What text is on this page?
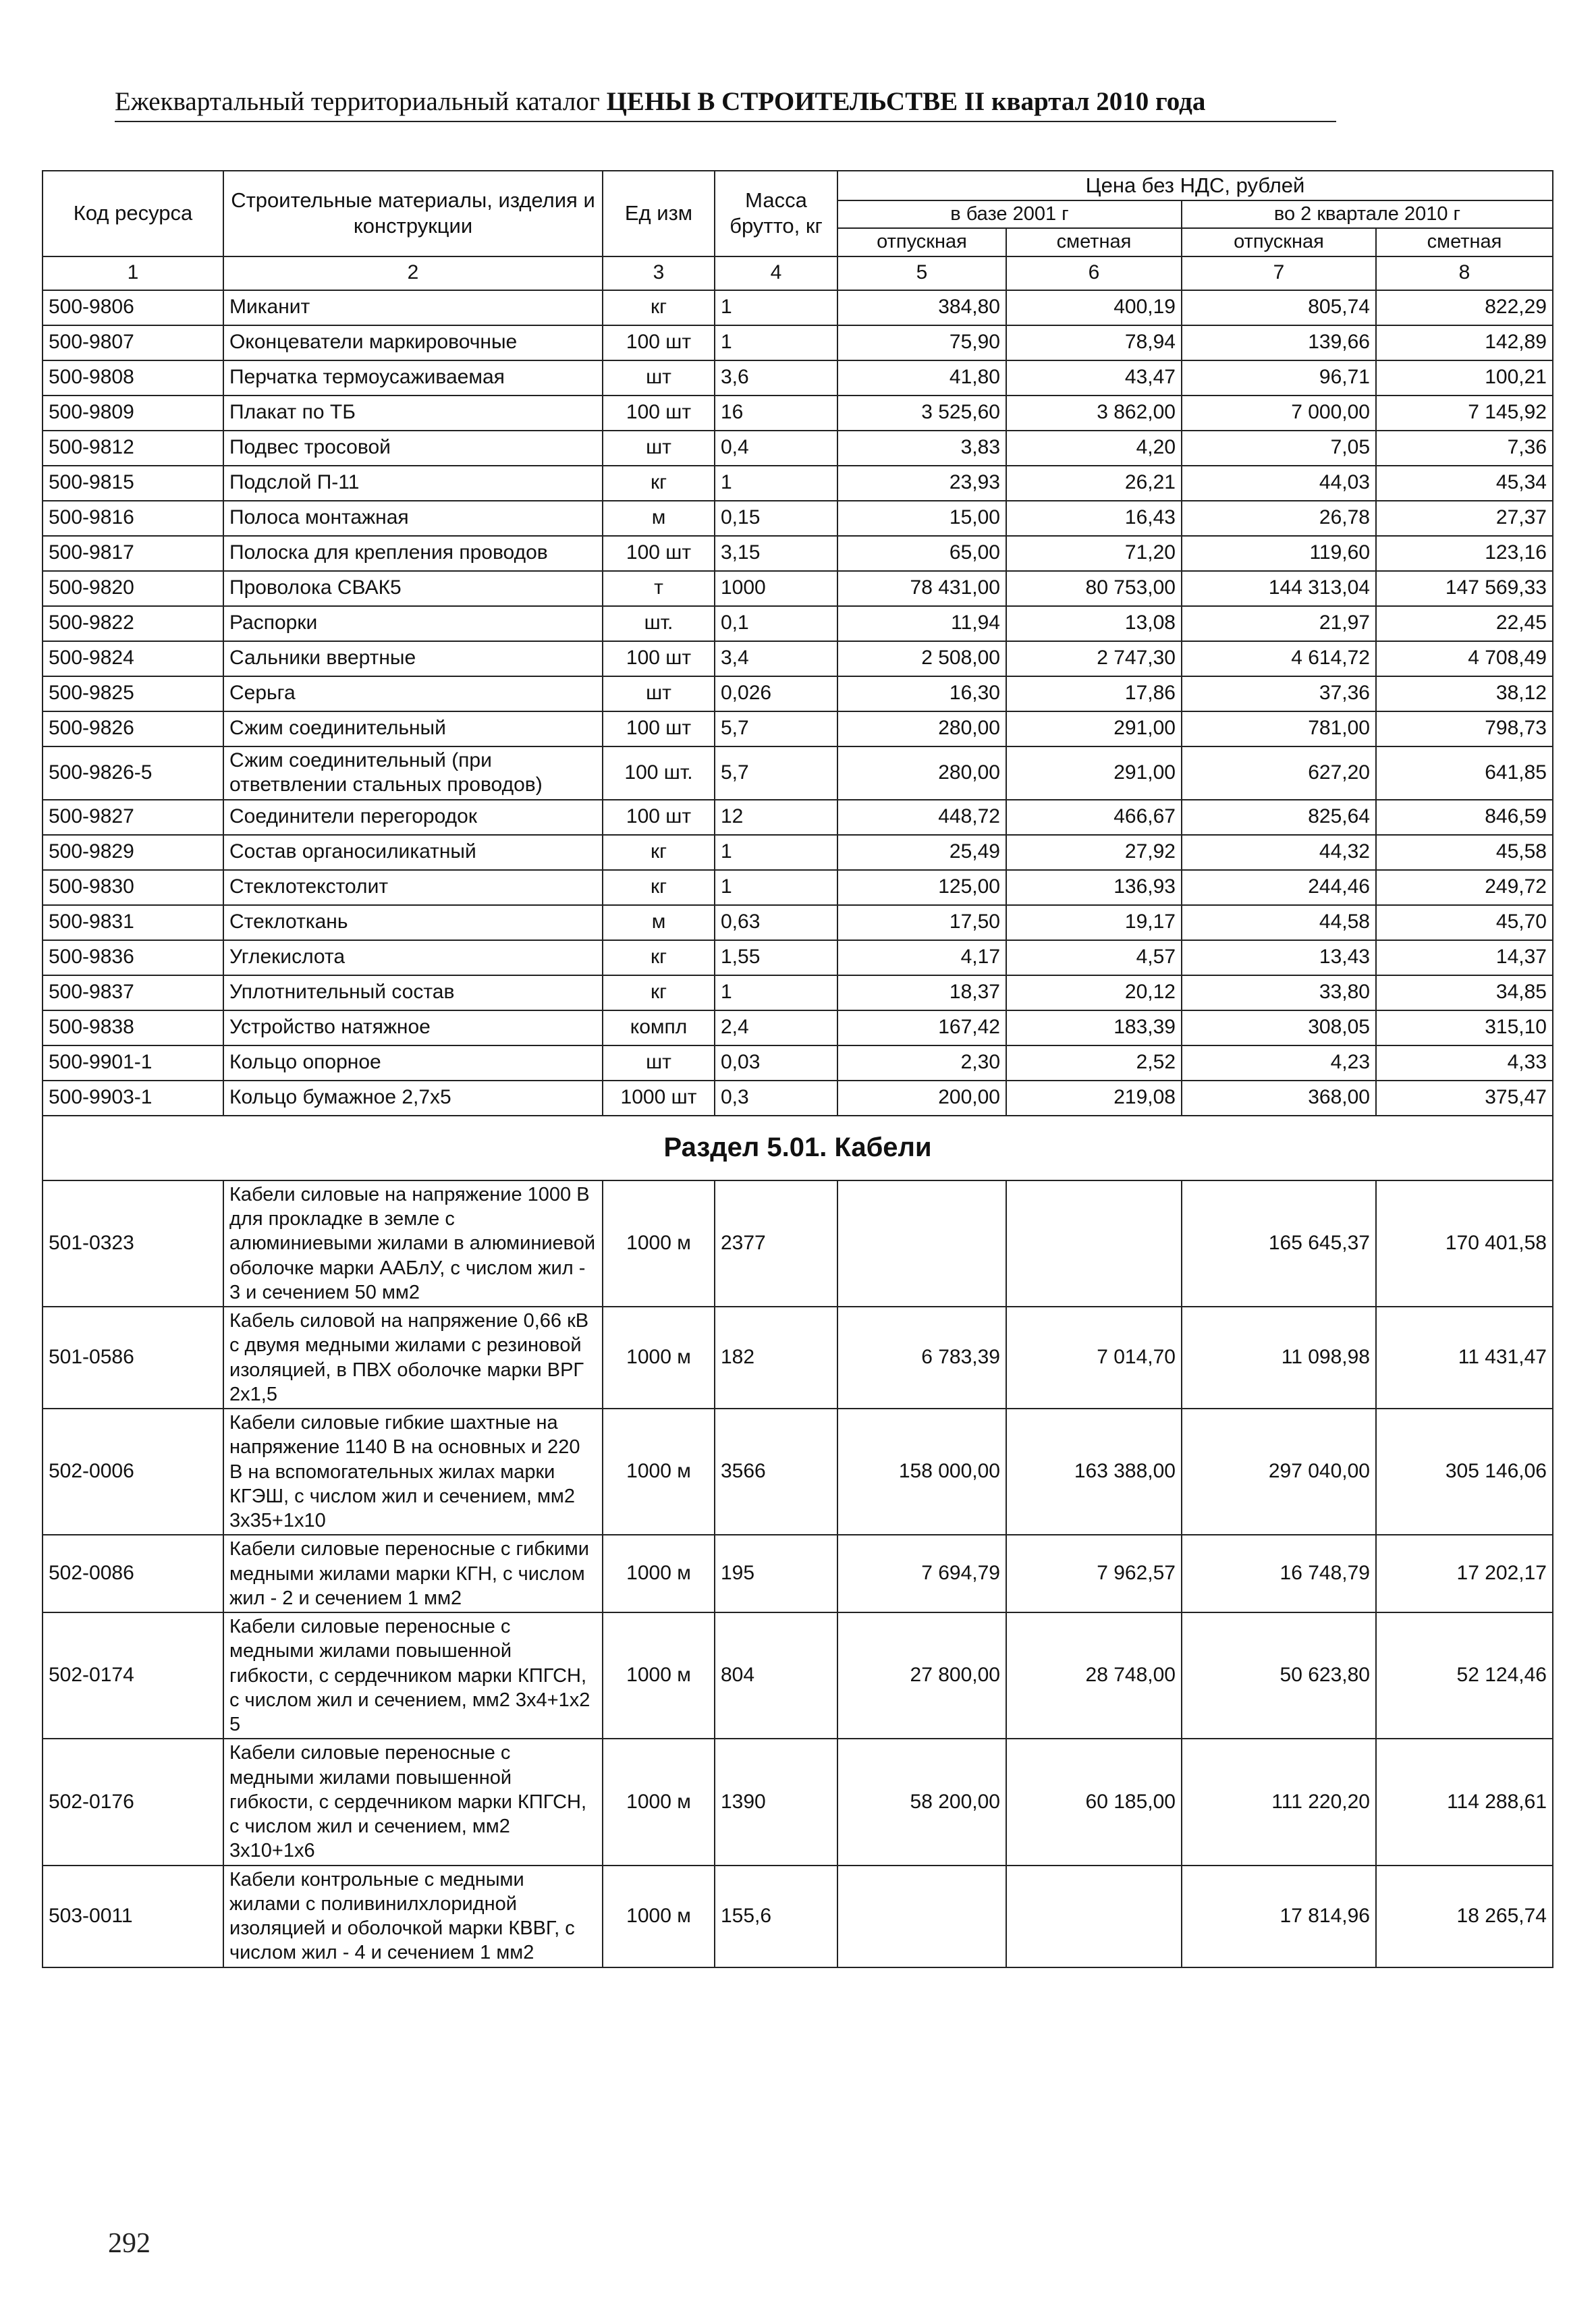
Ежеквартальный территориальный каталог ЦЕНЫ В СТРОИТЕЛЬСТВЕ II квартал 2010 года
Код ресурса	Строительные материалы, изделия и конструкции	Ед изм	Масса брутто, кг	Цена без НДС, рублей			
				в базе 2001 г		во 2 квартале 2010 г	
				отпускная	сметная	отпускная	сметная
1	2	3	4	5	6	7	8
500-9806	Миканит	кг	1	384,80	400,19	805,74	822,29
500-9807	Оконцеватели маркировочные	100 шт	1	75,90	78,94	139,66	142,89
500-9808	Перчатка термоусаживаемая	шт	3,6	41,80	43,47	96,71	100,21
500-9809	Плакат по ТБ	100 шт	16	3 525,60	3 862,00	7 000,00	7 145,92
500-9812	Подвес тросовой	шт	0,4	3,83	4,20	7,05	7,36
500-9815	Подслой П-11	кг	1	23,93	26,21	44,03	45,34
500-9816	Полоса монтажная	м	0,15	15,00	16,43	26,78	27,37
500-9817	Полоска для крепления проводов	100 шт	3,15	65,00	71,20	119,60	123,16
500-9820	Проволока СВАК5	т	1000	78 431,00	80 753,00	144 313,04	147 569,33
500-9822	Распорки	шт.	0,1	11,94	13,08	21,97	22,45
500-9824	Сальники ввертные	100 шт	3,4	2 508,00	2 747,30	4 614,72	4 708,49
500-9825	Серьга	шт	0,026	16,30	17,86	37,36	38,12
500-9826	Сжим соединительный	100 шт	5,7	280,00	291,00	781,00	798,73
500-9826-5	Сжим соединительный (при ответвлении стальных проводов)	100 шт.	5,7	280,00	291,00	627,20	641,85
500-9827	Соединители перегородок	100 шт	12	448,72	466,67	825,64	846,59
500-9829	Состав органосиликатный	кг	1	25,49	27,92	44,32	45,58
500-9830	Стеклотекстолит	кг	1	125,00	136,93	244,46	249,72
500-9831	Стеклоткань	м	0,63	17,50	19,17	44,58	45,70
500-9836	Углекислота	кг	1,55	4,17	4,57	13,43	14,37
500-9837	Уплотнительный состав	кг	1	18,37	20,12	33,80	34,85
500-9838	Устройство натяжное	компл	2,4	167,42	183,39	308,05	315,10
500-9901-1	Кольцо опорное	шт	0,03	2,30	2,52	4,23	4,33
500-9903-1	Кольцо бумажное 2,7x5	1000 шт	0,3	200,00	219,08	368,00	375,47
Раздел 5.01. Кабели							
501-0323	Кабели силовые на напряжение 1000 В для прокладке в земле с алюминиевыми жилами в алюминиевой оболочке марки ААБлУ, с числом жил - 3 и сечением 50 мм2	1000 м	2377			165 645,37	170 401,58
501-0586	Кабель силовой на напряжение 0,66 кВ с двумя медными жилами с резиновой изоляцией, в ПВХ оболочке марки ВРГ 2x1,5	1000 м	182	6 783,39	7 014,70	11 098,98	11 431,47
502-0006	Кабели силовые гибкие шахтные на напряжение 1140 В на основных и 220 В на вспомогательных жилах марки КГЭШ, с числом жил и сечением, мм2 3x35+1x10	1000 м	3566	158 000,00	163 388,00	297 040,00	305 146,06
502-0086	Кабели силовые переносные с гибкими медными жилами марки КГН, с числом жил - 2 и сечением 1 мм2	1000 м	195	7 694,79	7 962,57	16 748,79	17 202,17
502-0174	Кабели силовые переносные с медными жилами повышенной гибкости, с сердечником марки КПГСН, с числом жил и сечением, мм2 3x4+1x2 5	1000 м	804	27 800,00	28 748,00	50 623,80	52 124,46
502-0176	Кабели силовые переносные с медными жилами повышенной гибкости, с сердечником марки КПГСН, с числом жил и сечением, мм2 3x10+1x6	1000 м	1390	58 200,00	60 185,00	111 220,20	114 288,61
503-0011	Кабели контрольные с медными жилами с поливинилхлоридной изоляцией и оболочкой марки КВВГ, с числом жил - 4 и сечением 1 мм2	1000 м	155,6			17 814,96	18 265,74
292
